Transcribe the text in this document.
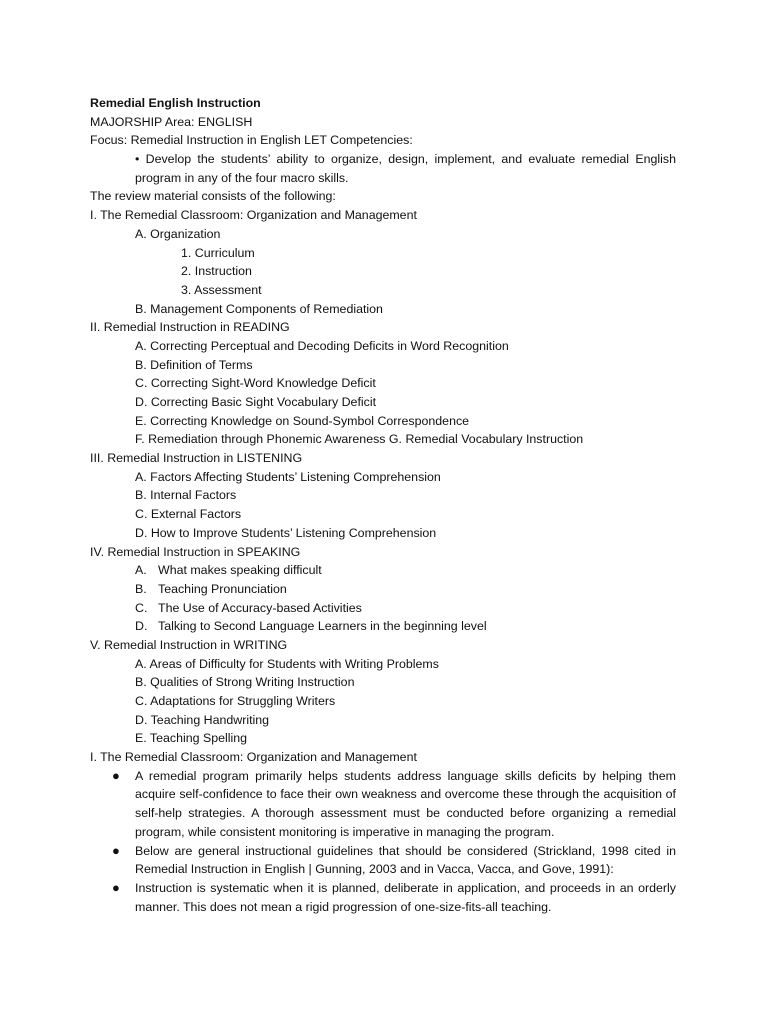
Remedial English Instruction
MAJORSHIP Area: ENGLISH
Focus: Remedial Instruction in English LET Competencies:
• Develop the students’ ability to organize, design, implement, and evaluate remedial English program in any of the four macro skills.
The review material consists of the following:
I. The Remedial Classroom: Organization and Management
A. Organization
1. Curriculum
2. Instruction
3. Assessment
B. Management Components of Remediation
II. Remedial Instruction in READING
A. Correcting Perceptual and Decoding Deficits in Word Recognition
B. Definition of Terms
C. Correcting Sight-Word Knowledge Deficit
D. Correcting Basic Sight Vocabulary Deficit
E. Correcting Knowledge on Sound-Symbol Correspondence
F. Remediation through Phonemic Awareness G. Remedial Vocabulary Instruction
III. Remedial Instruction in LISTENING
A. Factors Affecting Students’ Listening Comprehension
B. Internal Factors
C. External Factors
D. How to Improve Students’ Listening Comprehension
IV. Remedial Instruction in SPEAKING
A. What makes speaking difficult
B. Teaching Pronunciation
C. The Use of Accuracy-based Activities
D. Talking to Second Language Learners in the beginning level
V. Remedial Instruction in WRITING
A. Areas of Difficulty for Students with Writing Problems
B. Qualities of Strong Writing Instruction
C. Adaptations for Struggling Writers
D. Teaching Handwriting
E. Teaching Spelling
I. The Remedial Classroom: Organization and Management
● A remedial program primarily helps students address language skills deficits by helping them acquire self-confidence to face their own weakness and overcome these through the acquisition of self-help strategies. A thorough assessment must be conducted before organizing a remedial program, while consistent monitoring is imperative in managing the program.
● Below are general instructional guidelines that should be considered (Strickland, 1998 cited in Remedial Instruction in English | Gunning, 2003 and in Vacca, Vacca, and Gove, 1991):
● Instruction is systematic when it is planned, deliberate in application, and proceeds in an orderly manner. This does not mean a rigid progression of one-size-fits-all teaching.
